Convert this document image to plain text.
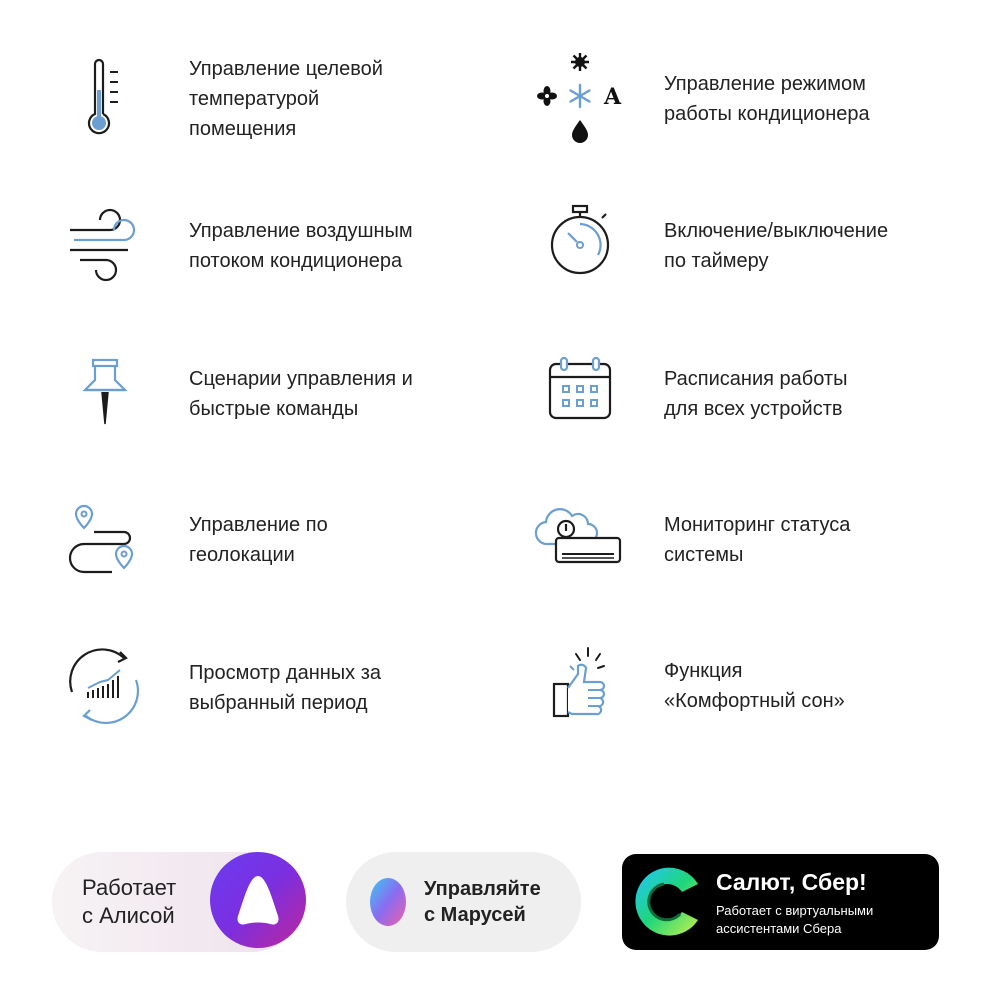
Управление целевой
температурой
помещения
A Управление режимом
работы кондиционера
Управление воздушным
потоком кондиционера
Включение/выключение
по таймеру
Сценарии управления и
быстрые команды
Расписания работы
для всех устройств
Управление по
геолокации
Мониторинг статуса
системы
Просмотр данных за
выбранный период
Функция
«Комфортный сон»
Работает
с Алисой
Управляйте
с Марусей
Салют, Сбер!
Работает с виртуальными
ассистентами Сбера
